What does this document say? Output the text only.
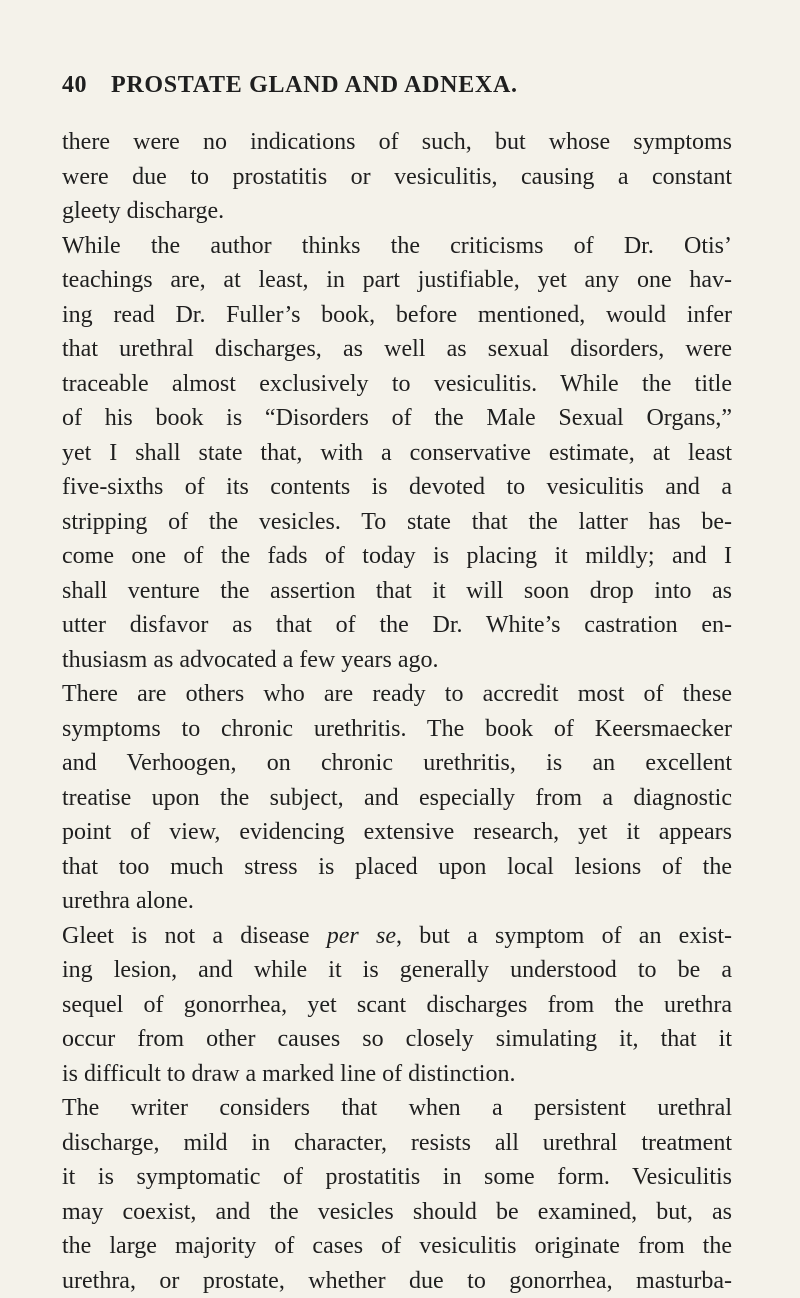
40 PROSTATE GLAND AND ADNEXA.
there were no indications of such, but whose symptoms
were due to prostatitis or vesiculitis, causing a constant
gleety discharge.
While the author thinks the criticisms of Dr. Otis’
teachings are, at least, in part justifiable, yet any one hav-
ing read Dr. Fuller’s book, before mentioned, would infer
that urethral discharges, as well as sexual disorders, were
traceable almost exclusively to vesiculitis. While the title
of his book is “Disorders of the Male Sexual Organs,”
yet I shall state that, with a conservative estimate, at least
five-sixths of its contents is devoted to vesiculitis and a
stripping of the vesicles. To state that the latter has be-
come one of the fads of today is placing it mildly; and I
shall venture the assertion that it will soon drop into as
utter disfavor as that of the Dr. White’s castration en-
thusiasm as advocated a few years ago.
There are others who are ready to accredit most of these
symptoms to chronic urethritis. The book of Keersmaecker
and Verhoogen, on chronic urethritis, is an excellent
treatise upon the subject, and especially from a diagnostic
point of view, evidencing extensive research, yet it appears
that too much stress is placed upon local lesions of the
urethra alone.
Gleet is not a disease per se, but a symptom of an exist-
ing lesion, and while it is generally understood to be a
sequel of gonorrhea, yet scant discharges from the urethra
occur from other causes so closely simulating it, that it
is difficult to draw a marked line of distinction.
The writer considers that when a persistent urethral
discharge, mild in character, resists all urethral treatment
it is symptomatic of prostatitis in some form. Vesiculitis
may coexist, and the vesicles should be examined, but, as
the large majority of cases of vesiculitis originate from the
urethra, or prostate, whether due to gonorrhea, masturba-
